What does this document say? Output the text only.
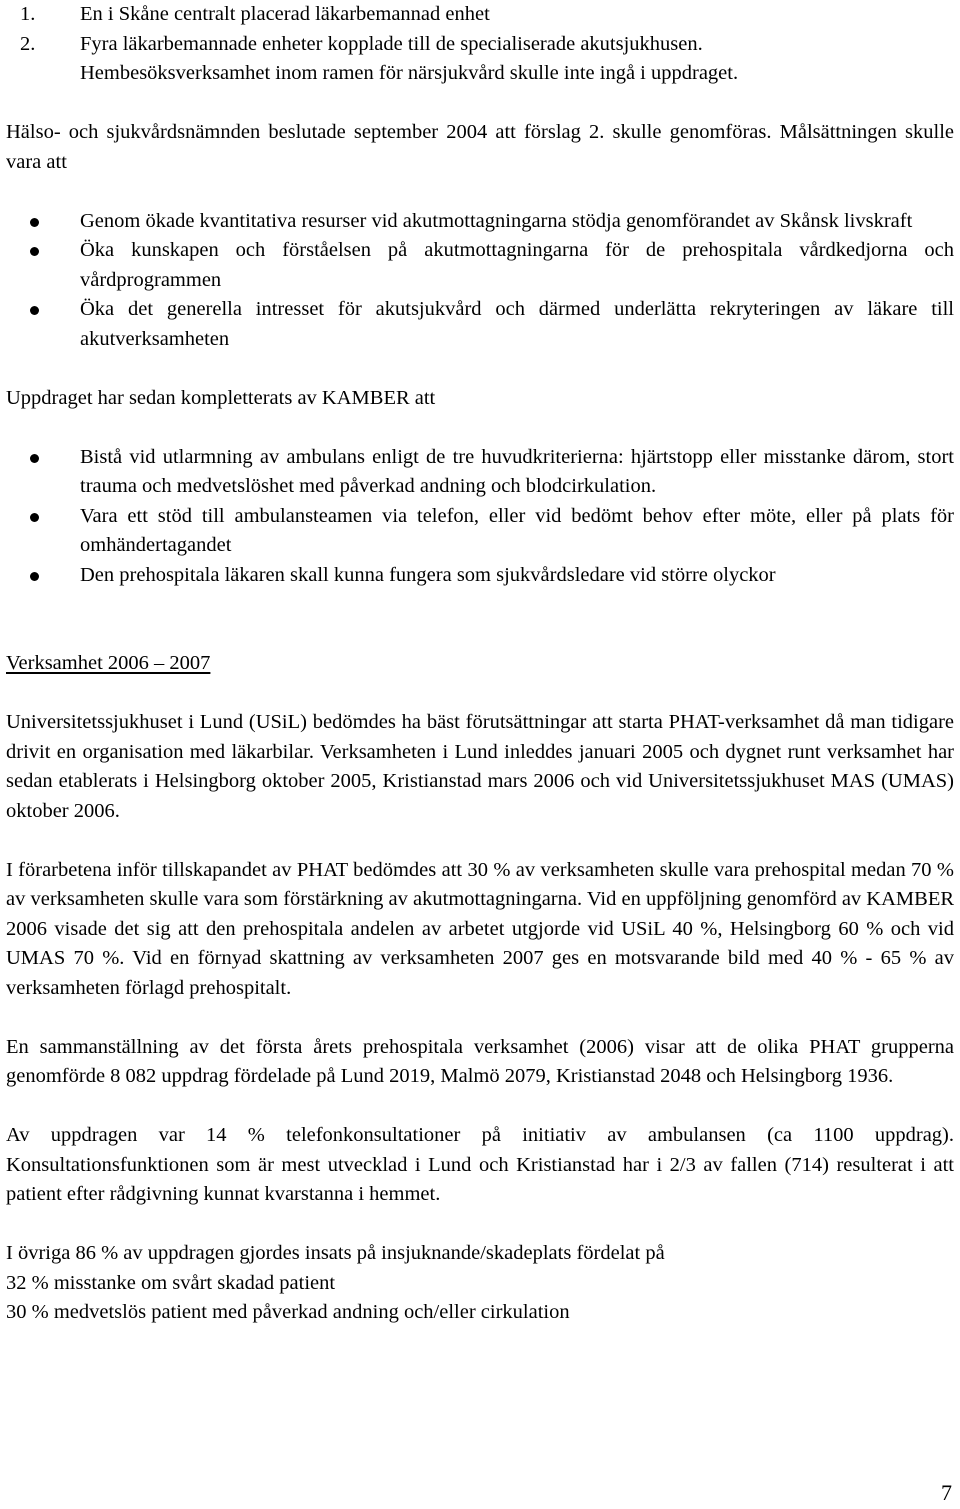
1.	En i Skåne centralt placerad läkarbemannad enhet
2.	Fyra läkarbemannade enheter kopplade till de specialiserade akutsjukhusen.
Hembesöksverksamhet inom ramen för närsjukvård skulle inte ingå i uppdraget.

Hälso- och sjukvårdsnämnden beslutade september 2004 att förslag 2. skulle genomföras. Målsättningen skulle vara att

Genom ökade kvantitativa resurser vid akutmottagningarna stödja genomförandet av Skånsk livskraft
Öka kunskapen och förståelsen på akutmottagningarna för de prehospitala vårdkedjorna och vårdprogrammen
Öka det generella intresset för akutsjukvård och därmed underlätta rekryteringen av läkare till akutverksamheten

Uppdraget har sedan kompletterats av KAMBER att

Bistå vid utlarmning av ambulans enligt de tre huvudkriterierna: hjärtstopp eller misstanke därom, stort trauma och medvetslöshet med påverkad andning och blodcirkulation.
Vara ett stöd till ambulansteamen via telefon, eller vid bedömt behov efter möte, eller på plats för omhändertagandet
Den prehospitala läkaren skall kunna fungera som sjukvårdsledare vid större olyckor
Verksamhet 2006 – 2007

Universitetssjukhuset i Lund (USiL) bedömdes ha bäst förutsättningar att starta PHAT-verksamhet då man tidigare drivit en organisation med läkarbilar. Verksamheten i Lund inleddes januari 2005 och dygnet runt verksamhet har sedan etablerats i Helsingborg oktober 2005, Kristianstad mars 2006 och vid Universitetssjukhuset MAS (UMAS) oktober 2006.

I förarbetena inför tillskapandet av PHAT bedömdes att 30 % av verksamheten skulle vara prehospital medan 70 % av verksamheten skulle vara som förstärkning av akutmottagningarna. Vid en uppföljning genomförd av KAMBER 2006 visade det sig att den prehospitala andelen av arbetet utgjorde vid USiL 40 %, Helsingborg 60 % och vid UMAS 70 %. Vid en förnyad skattning av verksamheten 2007 ges en motsvarande bild med 40 % - 65 % av verksamheten förlagd prehospitalt.

En sammanställning av det första årets prehospitala verksamhet (2006) visar att de olika PHAT grupperna genomförde 8 082 uppdrag fördelade på Lund 2019, Malmö 2079, Kristianstad 2048 och Helsingborg 1936.

Av uppdragen var 14 % telefonkonsultationer på initiativ av ambulansen (ca 1100 uppdrag). Konsultationsfunktionen som är mest utvecklad i Lund och Kristianstad har i 2/3 av fallen (714) resulterat i att patient efter rådgivning kunnat kvarstanna i hemmet.

I övriga 86 % av uppdragen gjordes insats på insjuknande/skadeplats fördelat på
32 % misstanke om svårt skadad patient
30 % medvetslös patient med påverkad andning och/eller cirkulation
7
